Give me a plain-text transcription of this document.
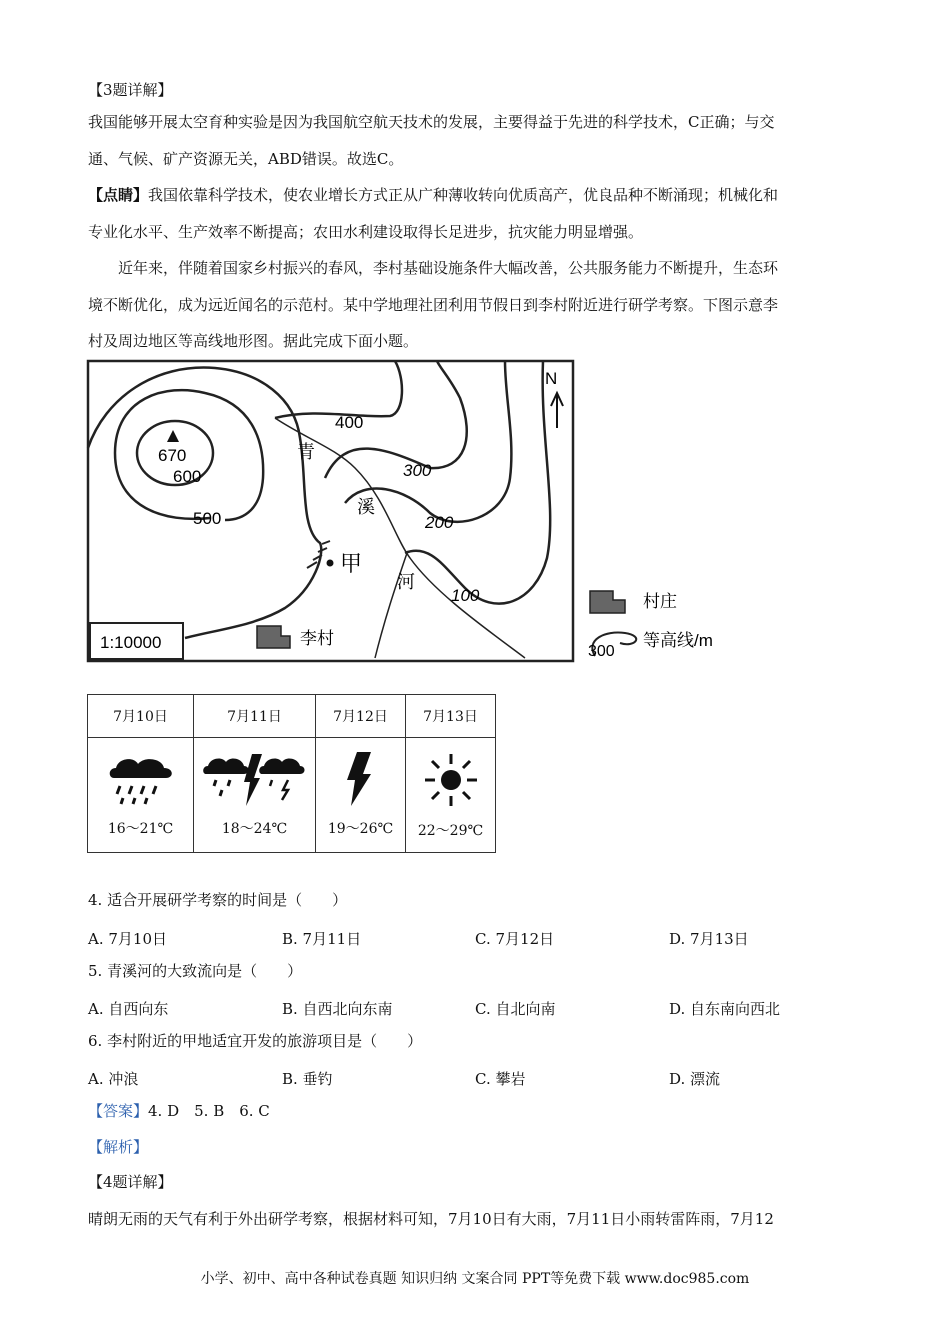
【3题详解】
我国能够开展太空育种实验是因为我国航空航天技术的发展，主要得益于先进的科学技术，C正确；与交
通、气候、矿产资源无关，ABD错误。故选C。
【点睛】我国依靠科学技术，使农业增长方式正从广种薄收转向优质高产，优良品种不断涌现；机械化和
专业化水平、生产效率不断提高；农田水利建设取得长足进步，抗灾能力明显增强。
近年来，伴随着国家乡村振兴的春风，李村基础设施条件大幅改善，公共服务能力不断提升，生态环
境不断优化，成为远近闻名的示范村。某中学地理社团利用节假日到李村附近进行研学考察。下图示意李
村及周边地区等高线地形图。据此完成下面小题。
670
600
500
400
300
200
100
青
溪
河
甲
N
李村
1:10000
村庄
300
等高线/m
7月10日	7月11日	7月12日	7月13日

16～21℃	18～24℃	19～26℃	22～29℃
4. 适合开展研学考察的时间是（　　）
A. 7月10日	B. 7月11日	C. 7月12日	D. 7月13日
5. 青溪河的大致流向是（　　）
A. 自西向东	B. 自西北向东南	C. 自北向南	D. 自东南向西北
6. 李村附近的甲地适宜开发的旅游项目是（　　）
A. 冲浪	B. 垂钓	C. 攀岩	D. 漂流
【答案】4. D　5. B　6. C
【解析】
【4题详解】
晴朗无雨的天气有利于外出研学考察，根据材料可知，7月10日有大雨，7月11日小雨转雷阵雨，7月12
小学、初中、高中各种试卷真题 知识归纳 文案合同 PPT等免费下载 www.doc985.com
